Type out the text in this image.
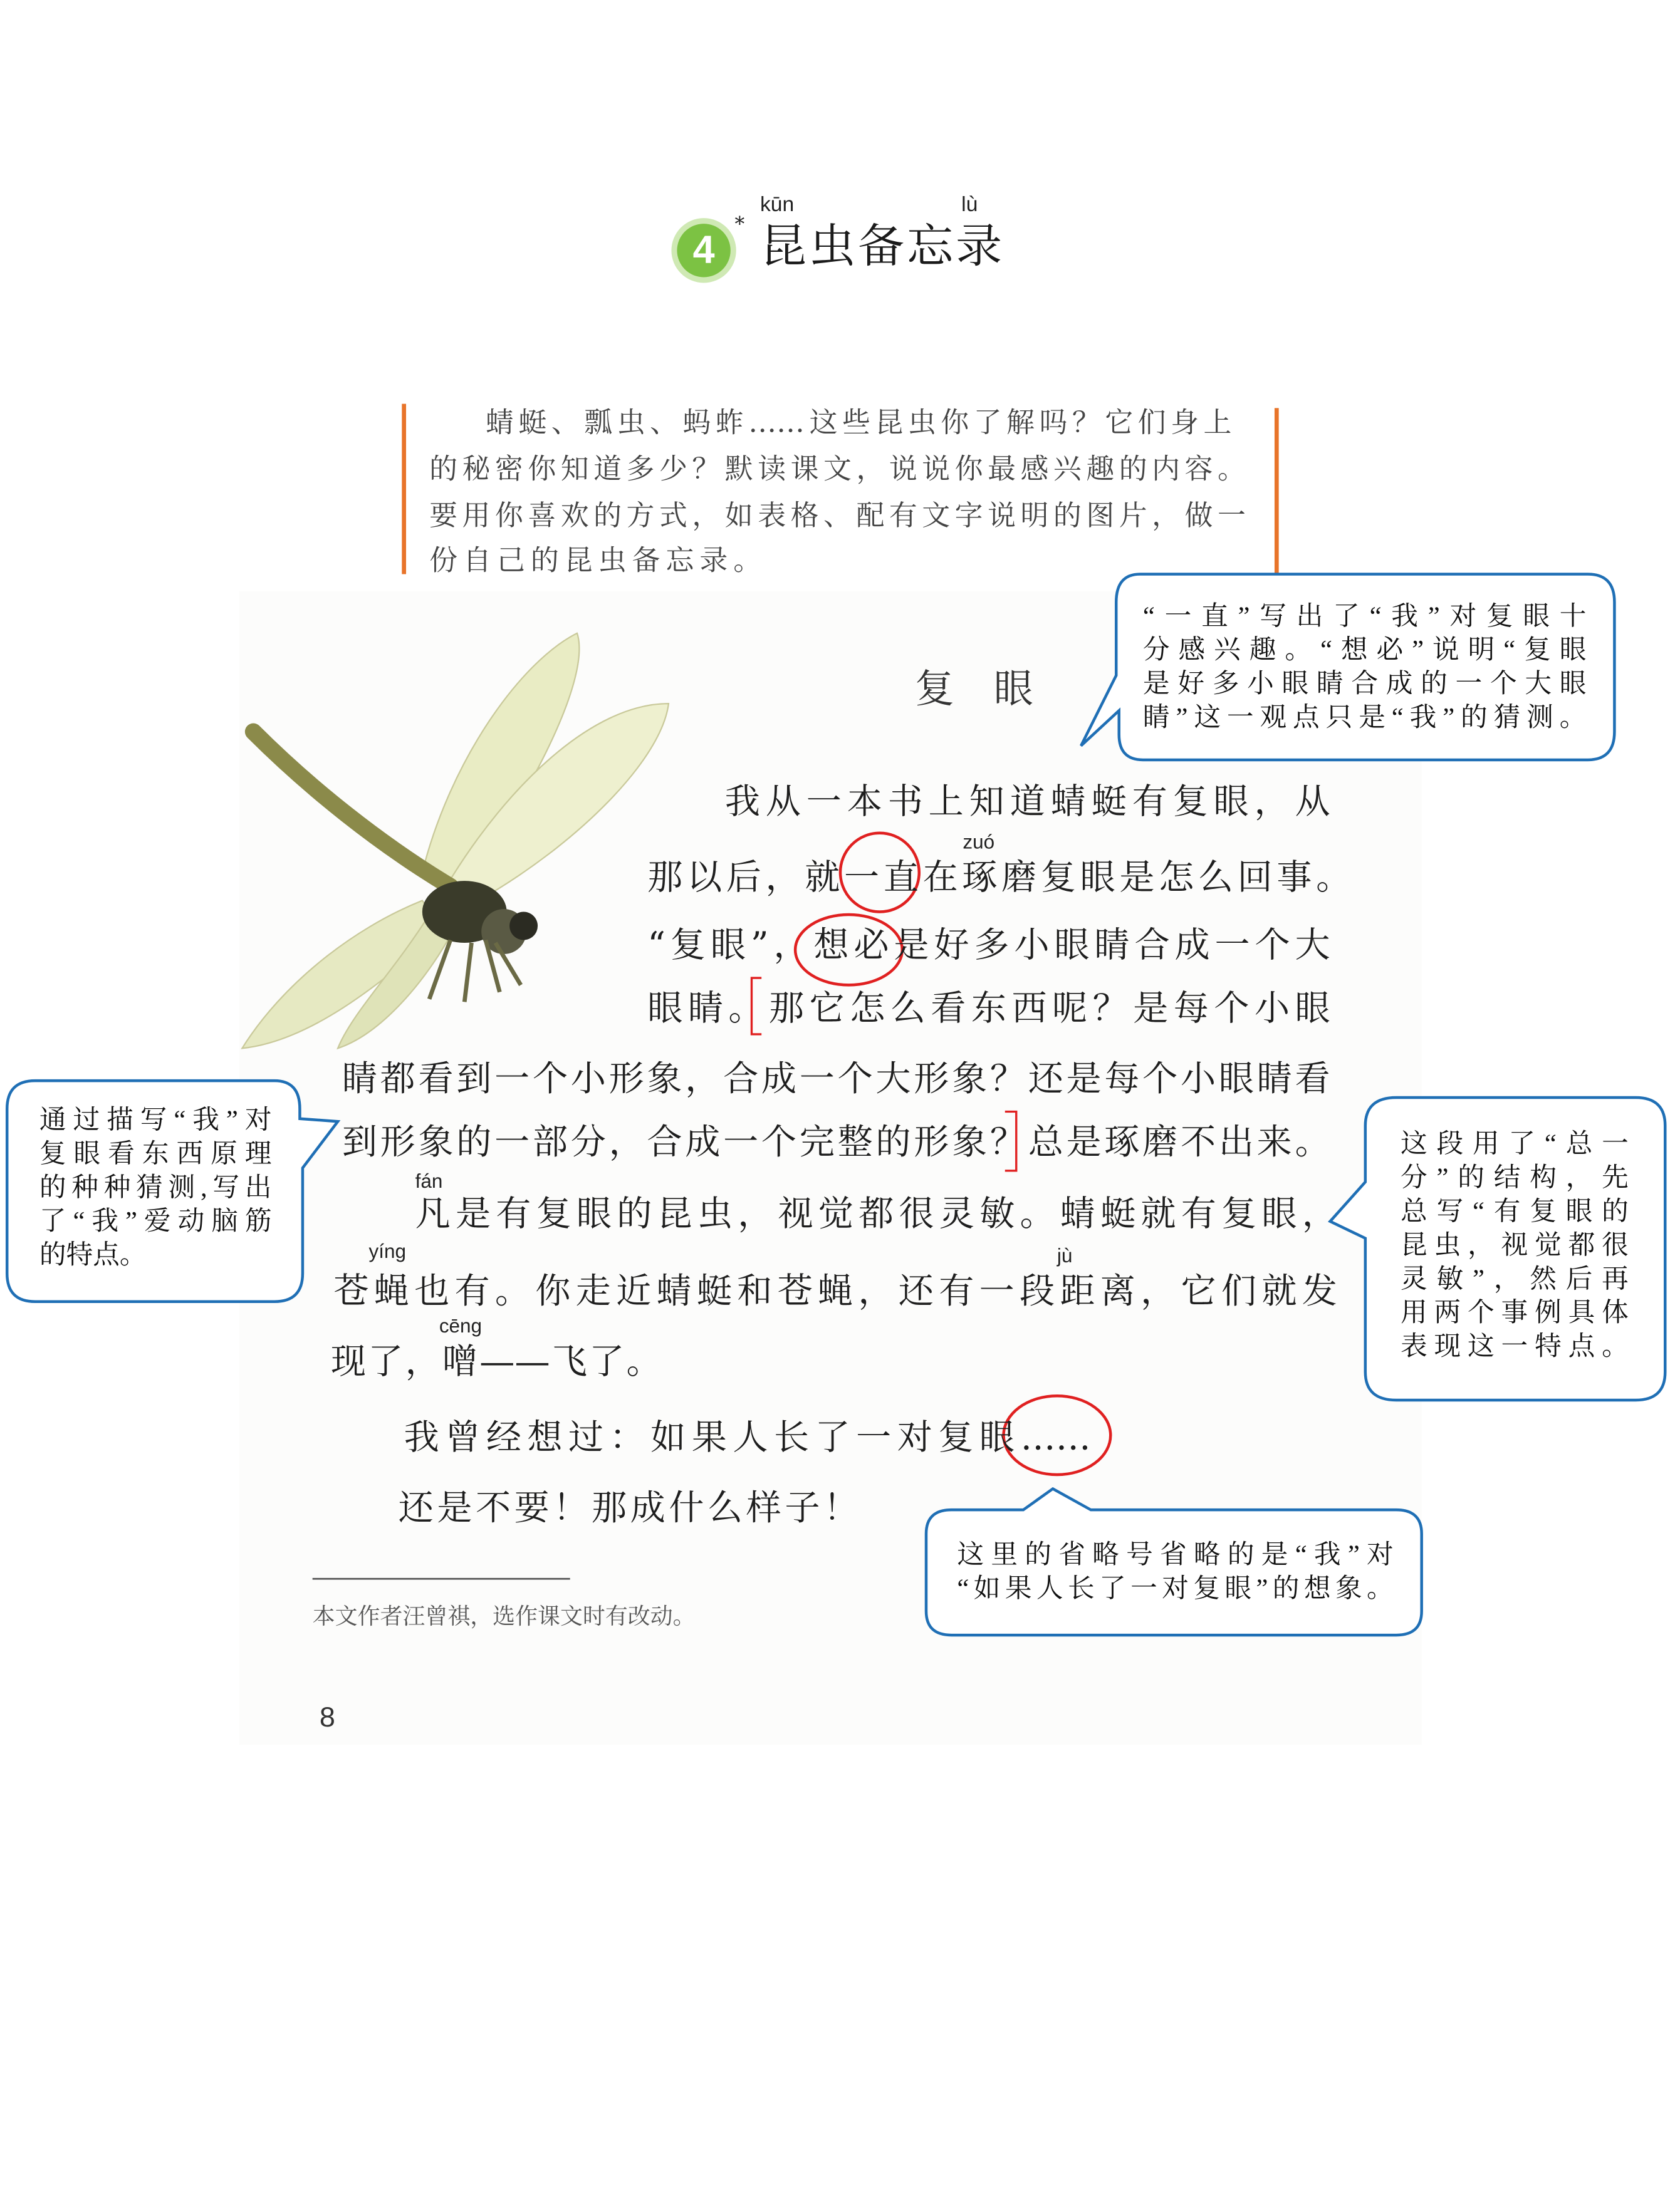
4
*
kūn	lù
昆虫备忘录
蜻蜓、瓢虫、蚂蚱……这些昆虫你了解吗？它们身上
的秘密你知道多少？默读课文，说说你最感兴趣的内容。
要用你喜欢的方式，如表格、配有文字说明的图片，做一
份自己的昆虫备忘录。
复　眼
我从一本书上知道蜻蜓有复眼，从
那以后，就一直在琢磨复眼是怎么回事。
“复眼”，想必是好多小眼睛合成一个大
眼睛。那它怎么看东西呢？是每个小眼
睛都看到一个小形象，合成一个大形象？还是每个小眼睛看
到形象的一部分，合成一个完整的形象？总是琢磨不出来。
凡是有复眼的昆虫，视觉都很灵敏。蜻蜓就有复眼，
苍蝇也有。你走近蜻蜓和苍蝇，还有一段距离，它们就发
现了，噌——飞了。
我曾经想过：如果人长了一对复眼……
还是不要！那成什么样子！
zuó
fán
yíng	jù
cēng
“一直”写出了“我”对复眼十
分感兴趣。“想必”说明“复眼
是好多小眼睛合成的一个大眼
睛”这一观点只是“我”的猜测。
通过描写“我”对
复眼看东西原理
的种种猜测,写出
了“我”爱动脑筋
的特点。
这段用了“总一
分”的结构，先
总写“有复眼的
昆虫，视觉都很
灵敏”，然后再
用两个事例具体
表现这一特点。
这里的省略号省略的是“我”对
“如果人长了一对复眼”的想象。
本文作者汪曾祺，选作课文时有改动。
8
